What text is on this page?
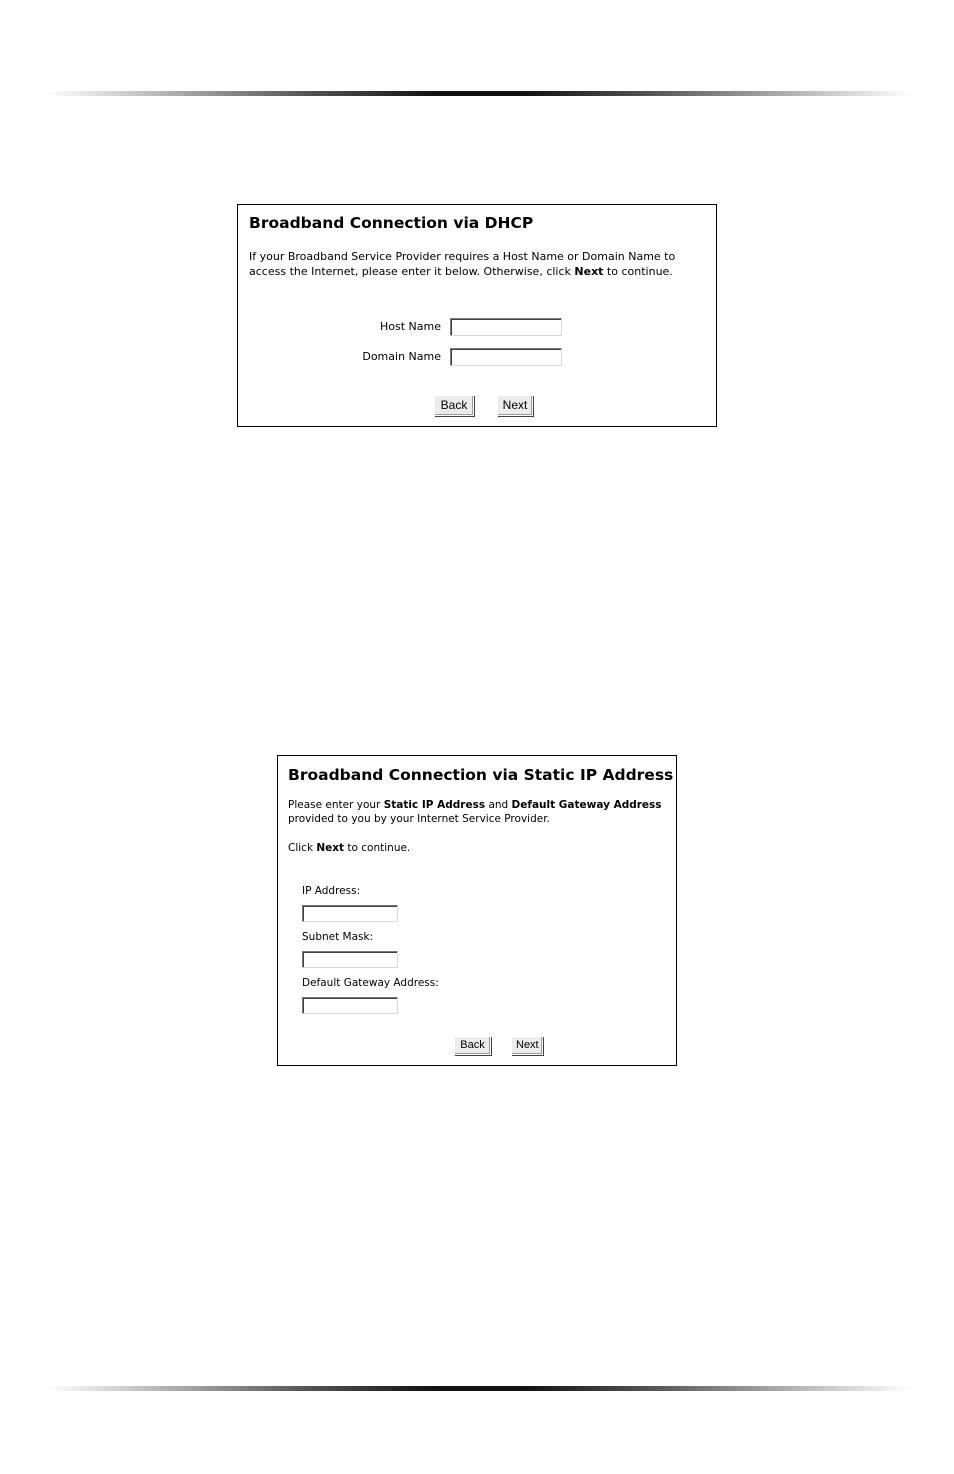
Broadband Connection via DHCP
If your Broadband Service Provider requires a Host Name or Domain Name to access the Internet, please enter it below. Otherwise, click Next to continue.
Host Name
Domain Name
Back	Next
Broadband Connection via Static IP Address
Please enter your Static IP Address and Default Gateway Address provided to you by your Internet Service Provider.
Click Next to continue.
IP Address:
Subnet Mask:
Default Gateway Address:
Back	Next
